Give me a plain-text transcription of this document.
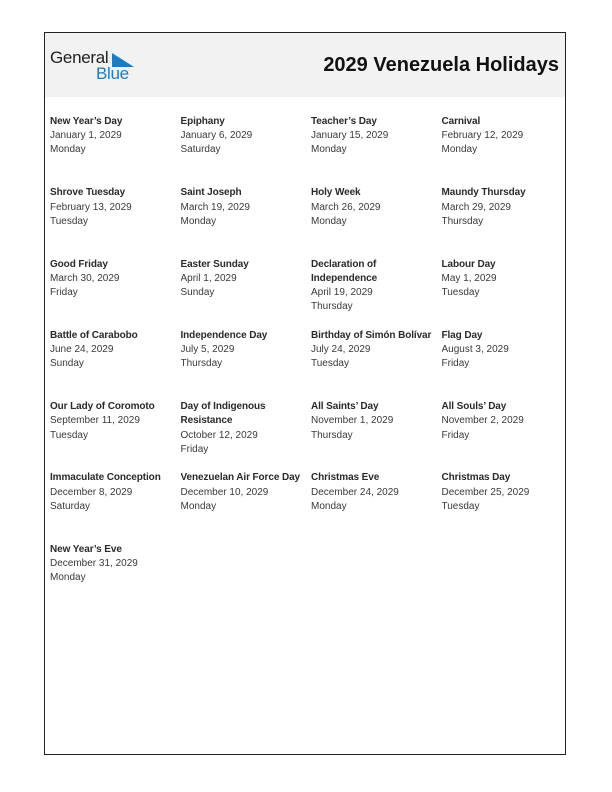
General
Blue	2029 Venezuela Holidays
New Year’s Day
January 1, 2029
Monday
Epiphany
January 6, 2029
Saturday
Teacher’s Day
January 15, 2029
Monday
Carnival
February 12, 2029
Monday
Shrove Tuesday
February 13, 2029
Tuesday
Saint Joseph
March 19, 2029
Monday
Holy Week
March 26, 2029
Monday
Maundy Thursday
March 29, 2029
Thursday
Good Friday
March 30, 2029
Friday
Easter Sunday
April 1, 2029
Sunday
Declaration of Independence
April 19, 2029
Thursday
Labour Day
May 1, 2029
Tuesday
Battle of Carabobo
June 24, 2029
Sunday
Independence Day
July 5, 2029
Thursday
Birthday of Simón Bolívar
July 24, 2029
Tuesday
Flag Day
August 3, 2029
Friday
Our Lady of Coromoto
September 11, 2029
Tuesday
Day of Indigenous Resistance
October 12, 2029
Friday
All Saints’ Day
November 1, 2029
Thursday
All Souls’ Day
November 2, 2029
Friday
Immaculate Conception
December 8, 2029
Saturday
Venezuelan Air Force Day
December 10, 2029
Monday
Christmas Eve
December 24, 2029
Monday
Christmas Day
December 25, 2029
Tuesday
New Year’s Eve
December 31, 2029
Monday
